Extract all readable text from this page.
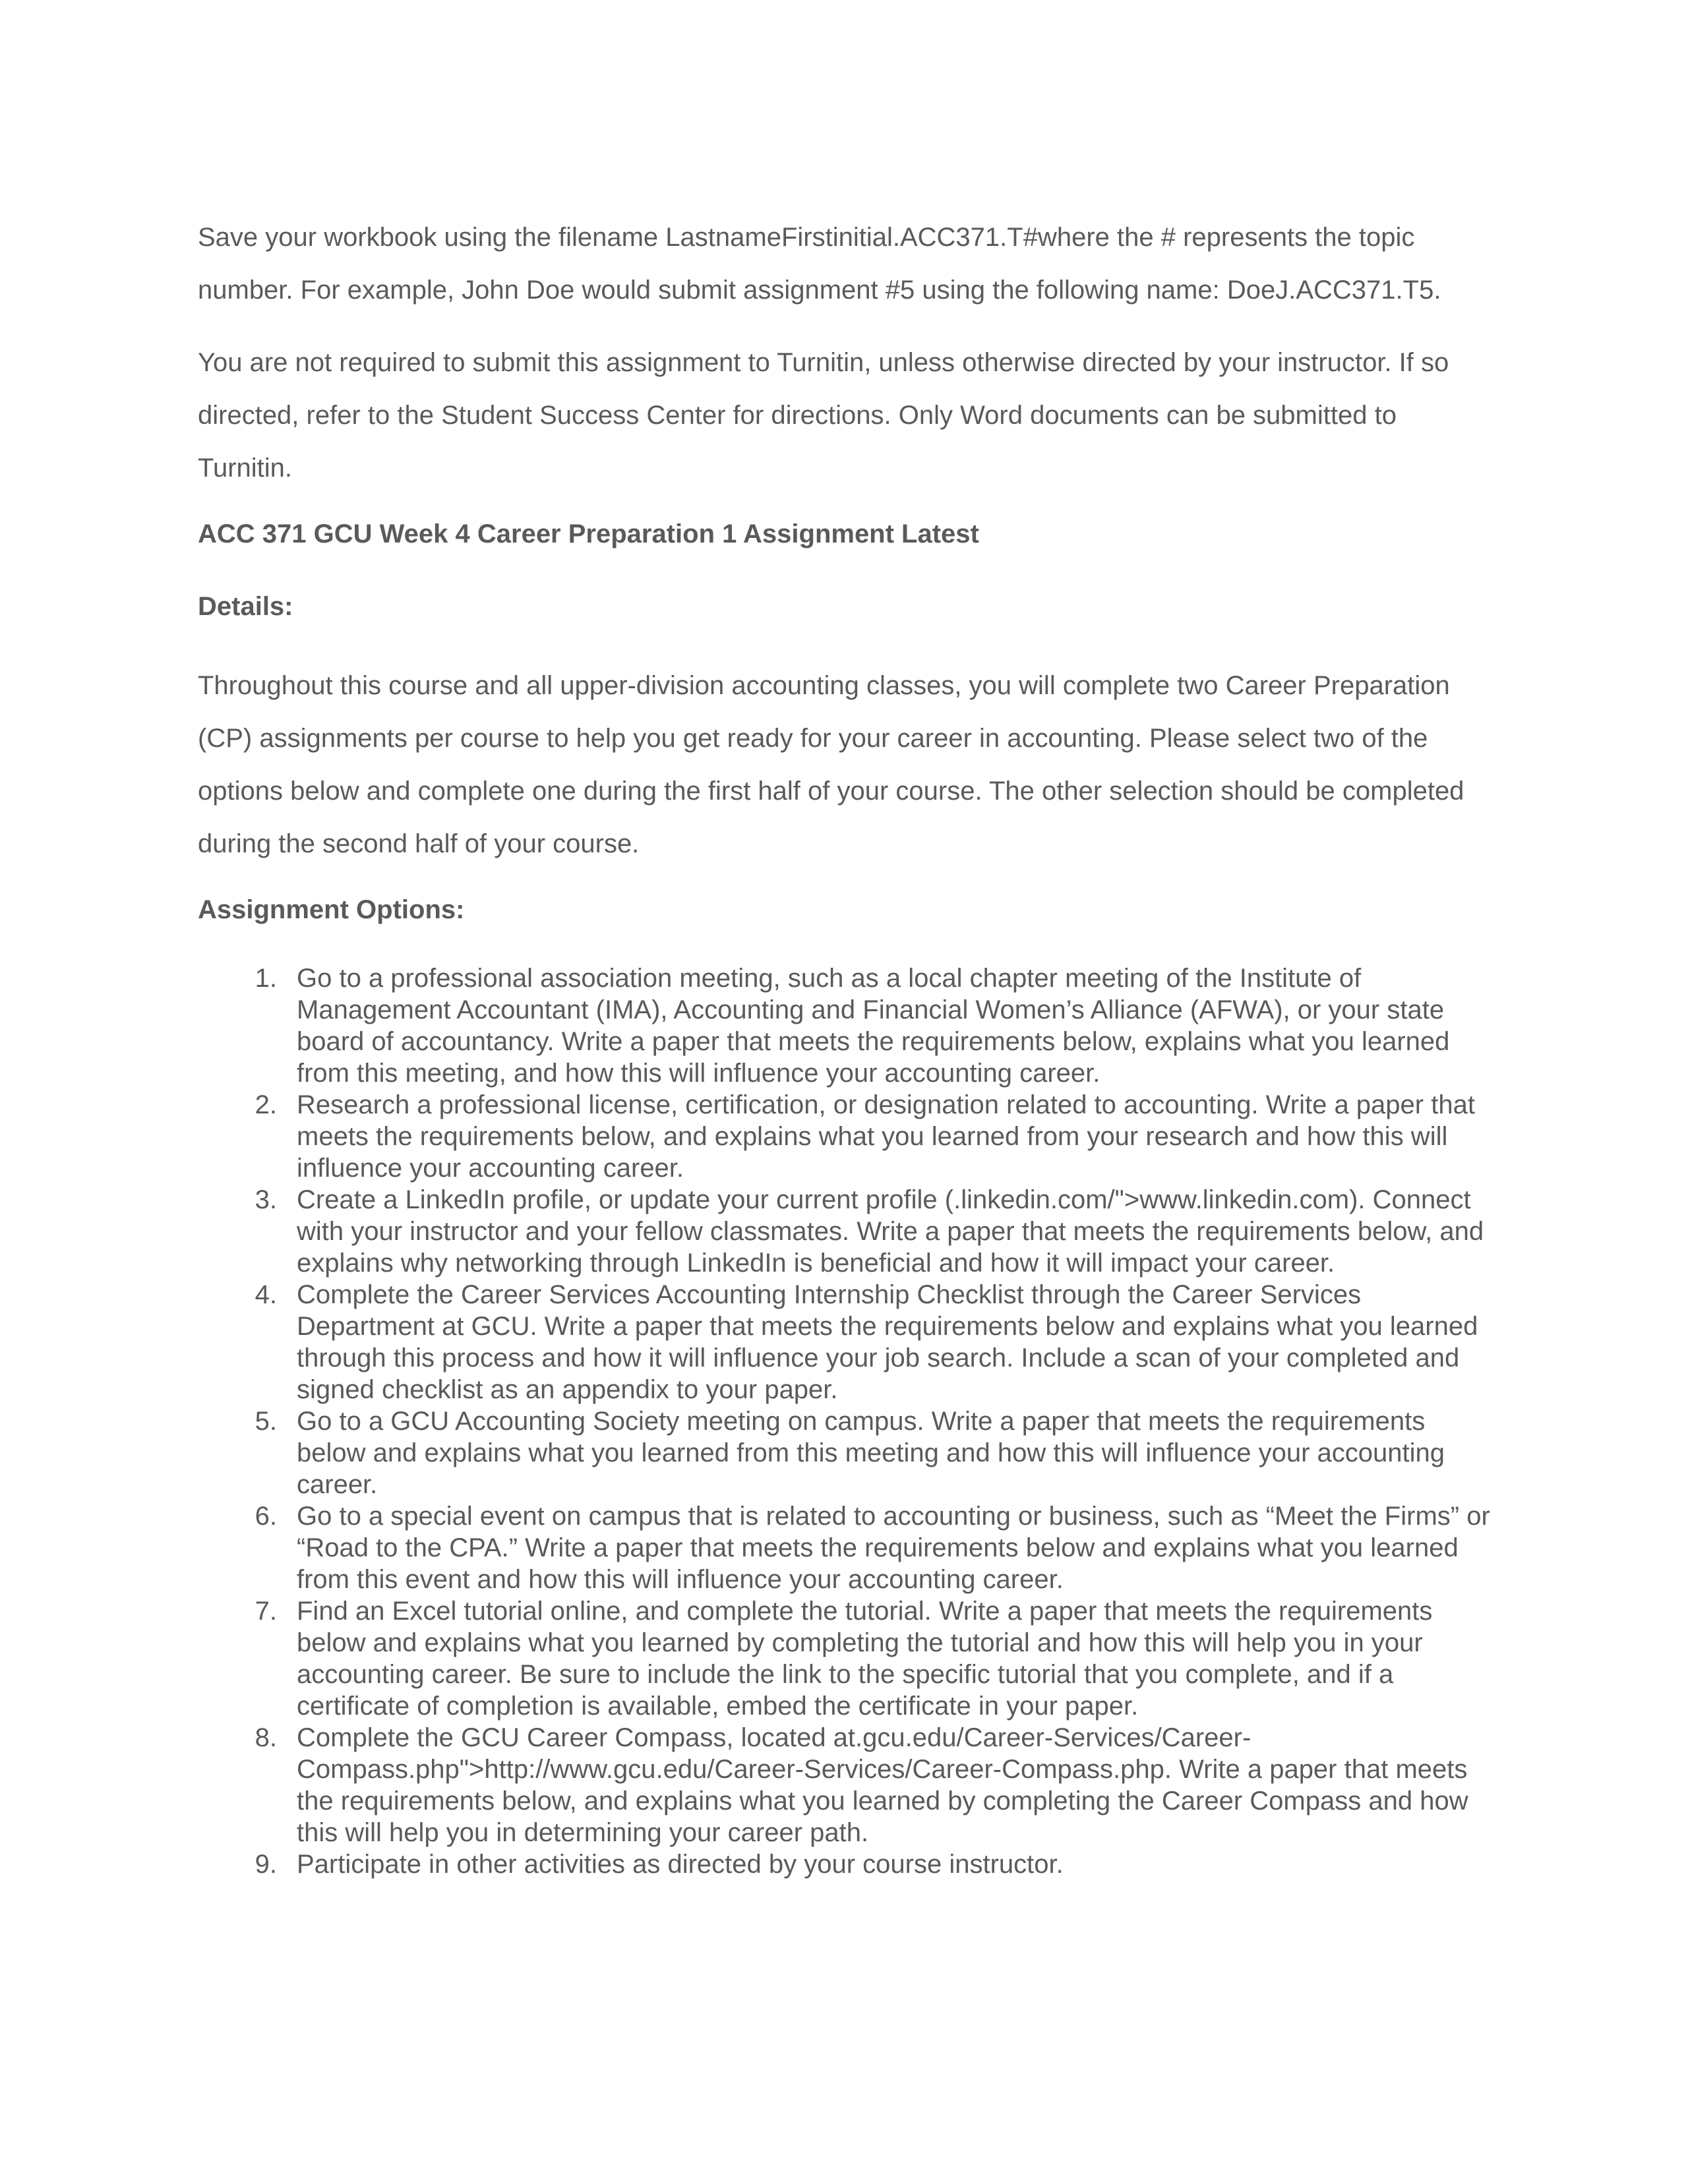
Save your workbook using the filename LastnameFirstinitial.ACC371.T#where the # represents the topic number. For example, John Doe would submit assignment #5 using the following name: DoeJ.ACC371.T5.

You are not required to submit this assignment to Turnitin, unless otherwise directed by your instructor. If so directed, refer to the Student Success Center for directions. Only Word documents can be submitted to Turnitin.

ACC 371 GCU Week 4 Career Preparation 1 Assignment Latest
Details:

Throughout this course and all upper-division accounting classes, you will complete two Career Preparation (CP) assignments per course to help you get ready for your career in accounting. Please select two of the options below and complete one during the first half of your course. The other selection should be completed during the second half of your course.

Assignment Options:
1. Go to a professional association meeting, such as a local chapter meeting of the Institute of Management Accountant (IMA), Accounting and Financial Women’s Alliance (AFWA), or your state board of accountancy. Write a paper that meets the requirements below, explains what you learned from this meeting, and how this will influence your accounting career.
2. Research a professional license, certification, or designation related to accounting. Write a paper that meets the requirements below, and explains what you learned from your research and how this will influence your accounting career.
3. Create a LinkedIn profile, or update your current profile (.linkedin.com/">www.linkedin.com). Connect with your instructor and your fellow classmates. Write a paper that meets the requirements below, and explains why networking through LinkedIn is beneficial and how it will impact your career.
4. Complete the Career Services Accounting Internship Checklist through the Career Services Department at GCU. Write a paper that meets the requirements below and explains what you learned through this process and how it will influence your job search. Include a scan of your completed and signed checklist as an appendix to your paper.
5. Go to a GCU Accounting Society meeting on campus. Write a paper that meets the requirements below and explains what you learned from this meeting and how this will influence your accounting career.
6. Go to a special event on campus that is related to accounting or business, such as “Meet the Firms” or “Road to the CPA.” Write a paper that meets the requirements below and explains what you learned from this event and how this will influence your accounting career.
7. Find an Excel tutorial online, and complete the tutorial. Write a paper that meets the requirements below and explains what you learned by completing the tutorial and how this will help you in your accounting career. Be sure to include the link to the specific tutorial that you complete, and if a certificate of completion is available, embed the certificate in your paper.
8. Complete the GCU Career Compass, located at.gcu.edu/Career-Services/Career-Compass.php">http://www.gcu.edu/Career-Services/Career-Compass.php. Write a paper that meets the requirements below, and explains what you learned by completing the Career Compass and how this will help you in determining your career path.
9. Participate in other activities as directed by your course instructor.
